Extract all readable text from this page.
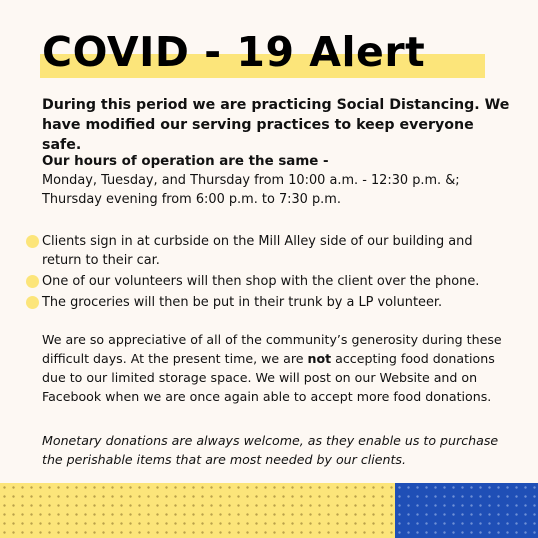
COVID - 19 Alert

During this period we are practicing Social Distancing. We have modified our serving practices to keep everyone safe.

Our hours of operation are the same -

Monday, Tuesday, and Thursday from 10:00 a.m. - 12:30 p.m. &;

Thursday evening from 6:00 p.m. to 7:30 p.m.

Clients sign in at curbside on the Mill Alley side of our building and return to their car.
One of our volunteers will then shop with the client over the phone.
The groceries will then be put in their trunk by a LP volunteer.

We are so appreciative of all of the community’s generosity during these difficult days. At the present time, we are not accepting food donations due to our limited storage space. We will post on our Website and on Facebook when we are once again able to accept more food donations.

Monetary donations are always welcome, as they enable us to purchase the perishable items that are most needed by our clients.
